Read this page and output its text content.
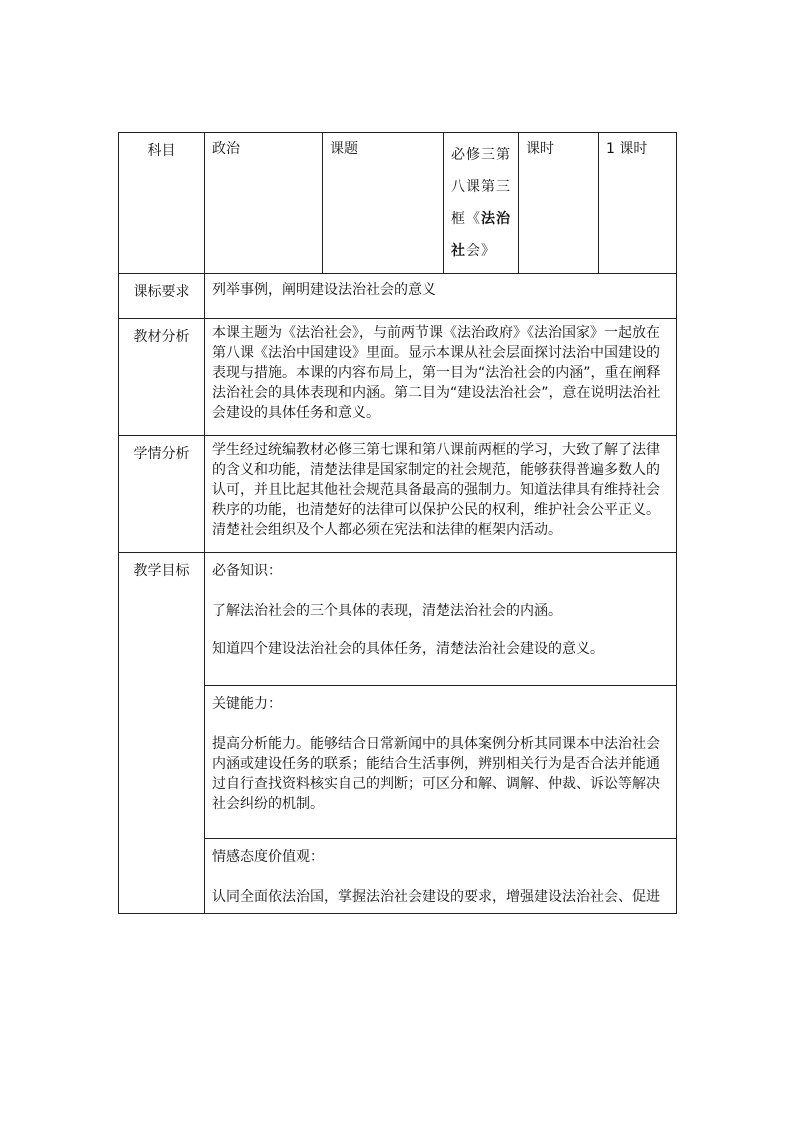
科目	政治	课题	必修三第八课第三框《法治社会》	课时	1 课时
课标要求	列举事例，阐明建设法治社会的意义
教材分析	本课主题为《法治社会》，与前两节课《法治政府》《法治国家》一起放在第八课《法治中国建设》里面。显示本课从社会层面探讨法治中国建设的表现与措施。本课的内容布局上，第一目为“法治社会的内涵”，重在阐释法治社会的具体表现和内涵。第二目为“建设法治社会”，意在说明法治社会建设的具体任务和意义。

学情分析	学生经过统编教材必修三第七课和第八课前两框的学习，大致了解了法律的含义和功能，清楚法律是国家制定的社会规范，能够获得普遍多数人的认可，并且比起其他社会规范具备最高的强制力。知道法律具有维持社会秩序的功能，也清楚好的法律可以保护公民的权利，维护社会公平正义。清楚社会组织及个人都必须在宪法和法律的框架内活动。

教学目标	必备知识：

了解法治社会的三个具体的表现，清楚法治社会的内涵。

知道四个建设法治社会的具体任务，清楚法治社会建设的意义。

关键能力：

提高分析能力。能够结合日常新闻中的具体案例分析其同课本中法治社会内涵或建设任务的联系；能结合生活事例，辨别相关行为是否合法并能通过自行查找资料核实自己的判断；可区分和解、调解、仲裁、诉讼等解决社会纠纷的机制。

情感态度价值观：

认同全面依法治国，掌握法治社会建设的要求，增强建设法治社会、促进
